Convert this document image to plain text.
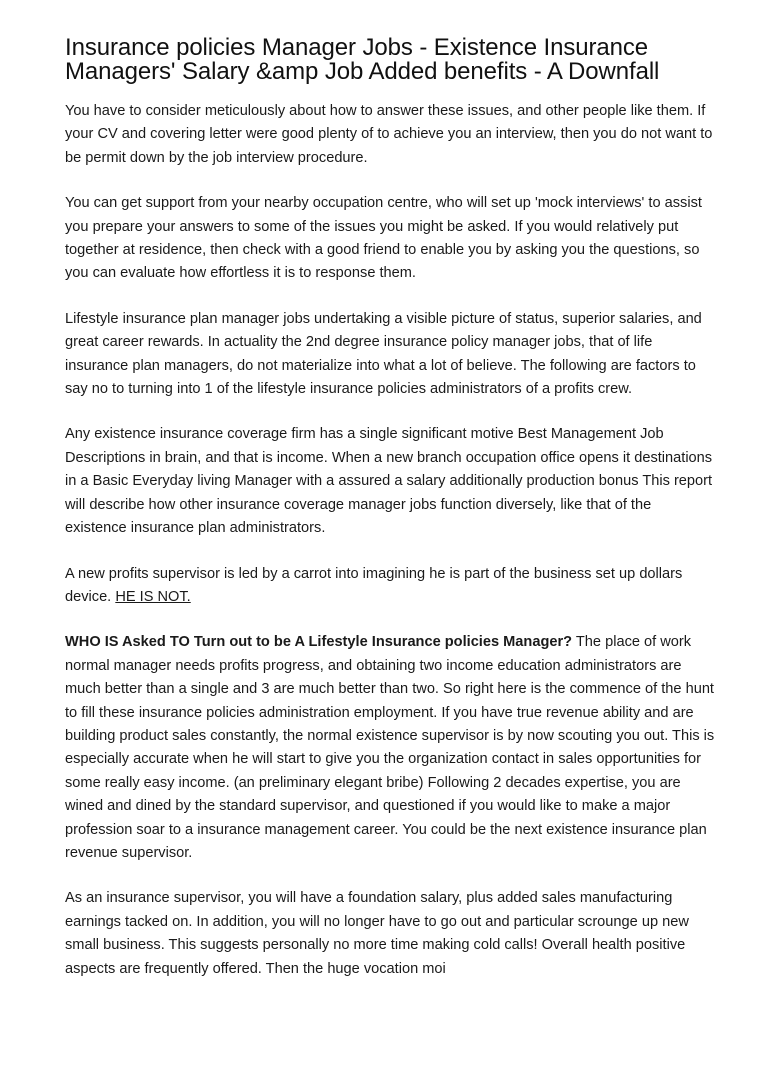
Insurance policies Manager Jobs - Existence Insurance Managers' Salary &amp Job Added benefits - A Downfall

You have to consider meticulously about how to answer these issues, and other people like them. If your CV and covering letter were good plenty of to achieve you an interview, then you do not want to be permit down by the job interview procedure.

You can get support from your nearby occupation centre, who will set up 'mock interviews' to assist you prepare your answers to some of the issues you might be asked. If you would relatively put together at residence, then check with a good friend to enable you by asking you the questions, so you can evaluate how effortless it is to response them.

Lifestyle insurance plan manager jobs undertaking a visible picture of status, superior salaries, and great career rewards. In actuality the 2nd degree insurance policy manager jobs, that of life insurance plan managers, do not materialize into what a lot of believe. The following are factors to say no to turning into 1 of the lifestyle insurance policies administrators of a profits crew.

Any existence insurance coverage firm has a single significant motive Best Management Job Descriptions in brain, and that is income. When a new branch occupation office opens it destinations in a Basic Everyday living Manager with a assured a salary additionally production bonus This report will describe how other insurance coverage manager jobs function diversely, like that of the existence insurance plan administrators.

A new profits supervisor is led by a carrot into imagining he is part of the business set up dollars device. HE IS NOT.

WHO IS Asked TO Turn out to be A Lifestyle Insurance policies Manager? The place of work normal manager needs profits progress, and obtaining two income education administrators are much better than a single and 3 are much better than two. So right here is the commence of the hunt to fill these insurance policies administration employment. If you have true revenue ability and are building product sales constantly, the normal existence supervisor is by now scouting you out. This is especially accurate when he will start to give you the organization contact in sales opportunities for some really easy income. (an preliminary elegant bribe) Following 2 decades expertise, you are wined and dined by the standard supervisor, and questioned if you would like to make a major profession soar to a insurance management career. You could be the next existence insurance plan revenue supervisor.

As an insurance supervisor, you will have a foundation salary, plus added sales manufacturing earnings tacked on. In addition, you will no longer have to go out and particular scrounge up new small business. This suggests personally no more time making cold calls! Overall health positive aspects are frequently offered. Then the huge vocation moi
